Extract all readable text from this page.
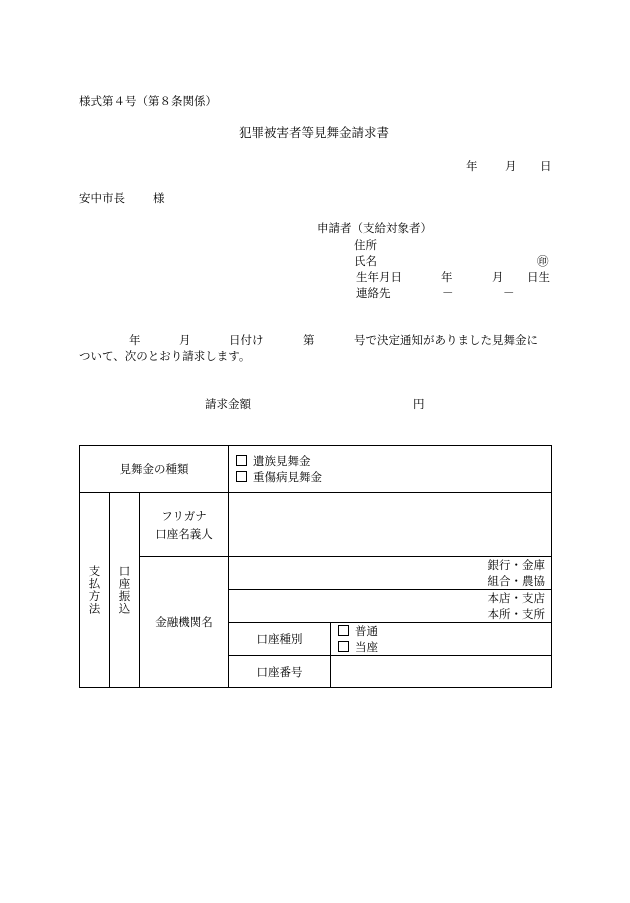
様式第４号（第８条関係）
犯罪被害者等見舞金請求書
年 月 日
安中市長 様
申請者（支給対象者）
住所
氏名	㊞
生年月日	年	月 日生
連絡先	－	－
年	月	日付け	第	号で決定通知がありました見舞金に
ついて、次のとおり請求します。
請求金額	円
見舞金の種類			遺族見舞金
重傷病見舞金	

支払方法	口座振込	フリガナ
口座名義人		

		金融機関名	銀行・金庫
組合・農協	

			本店・支店
本所・支所	

			口座種別	普通
当座

			口座番号	
